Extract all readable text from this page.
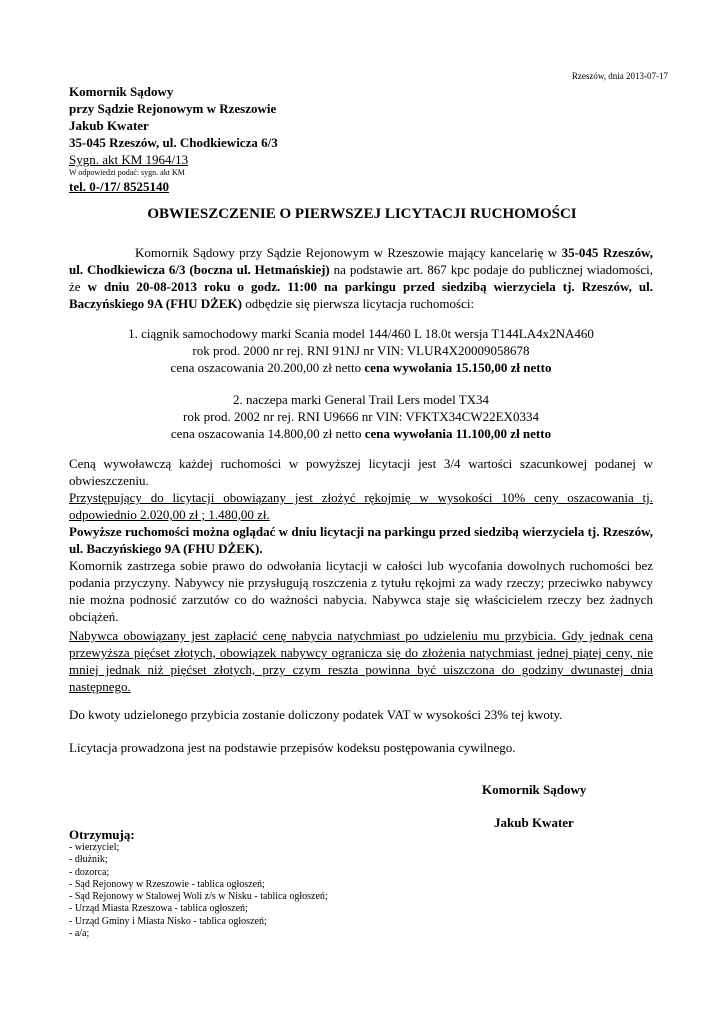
Rzeszów, dnia 2013-07-17
Komornik Sądowy
przy Sądzie Rejonowym w Rzeszowie
Jakub Kwater
35-045 Rzeszów, ul. Chodkiewicza 6/3
Sygn. akt KM 1964/13
W odpowiedzi podać: sygn. akt KM
tel. 0-/17/ 8525140
OBWIESZCZENIE O PIERWSZEJ LICYTACJI RUCHOMOŚCI
Komornik Sądowy przy Sądzie Rejonowym w Rzeszowie mający kancelarię w 35-045 Rzeszów, ul. Chodkiewicza 6/3 (boczna ul. Hetmańskiej) na podstawie art. 867 kpc podaje do publicznej wiadomości, że w dniu 20-08-2013 roku o godz. 11:00 na parkingu przed siedzibą wierzyciela tj. Rzeszów, ul. Baczyńskiego 9A (FHU DŻEK) odbędzie się pierwsza licytacja ruchomości:
1. ciągnik samochodowy marki Scania model 144/460 L 18.0t wersja T144LA4x2NA460
rok prod. 2000 nr rej. RNI 91NJ nr VIN: VLUR4X20009058678
cena oszacowania 20.200,00 zł netto cena wywołania 15.150,00 zł netto
2. naczepa marki General Trail Lers model TX34
rok prod. 2002 nr rej. RNI U9666 nr VIN: VFKTX34CW22EX0334
cena oszacowania 14.800,00 zł netto cena wywołania 11.100,00 zł netto
Ceną wywoławczą każdej ruchomości w powyższej licytacji jest 3/4 wartości szacunkowej podanej w obwieszczeniu.
Przystępujący do licytacji obowiązany jest złożyć rękojmię w wysokości 10% ceny oszacowania tj. odpowiednio 2.020,00 zł ; 1.480,00 zł.
Powyższe ruchomości można oglądać w dniu licytacji na parkingu przed siedzibą wierzyciela tj. Rzeszów, ul. Baczyńskiego 9A (FHU DŻEK).
Komornik zastrzega sobie prawo do odwołania licytacji w całości lub wycofania dowolnych ruchomości bez podania przyczyny. Nabywcy nie przysługują roszczenia z tytułu rękojmi za wady rzeczy; przeciwko nabywcy nie można podnosić zarzutów co do ważności nabycia. Nabywca staje się właścicielem rzeczy bez żadnych obciążeń.
Nabywca obowiązany jest zapłacić cenę nabycia natychmiast po udzieleniu mu przybicia. Gdy jednak cena przewyższa pięćset złotych, obowiązek nabywcy ogranicza się do złożenia natychmiast jednej piątej ceny, nie mniej jednak niż pięćset złotych, przy czym reszta powinna być uiszczona do godziny dwunastej dnia następnego.
Do kwoty udzielonego przybicia zostanie doliczony podatek VAT w wysokości 23% tej kwoty.
Licytacja prowadzona jest na podstawie przepisów kodeksu postępowania cywilnego.
Komornik Sądowy
Jakub Kwater
Otrzymują:
- wierzyciel;
- dłużnik;
- dozorca;
- Sąd Rejonowy w Rzeszowie - tablica ogłoszeń;
- Sąd Rejonowy w Stalowej Woli z/s w Nisku - tablica ogłoszeń;
- Urząd Miasta Rzeszowa - tablica ogłoszeń;
- Urząd Gminy i Miasta Nisko - tablica ogłoszeń;
- a/a;
